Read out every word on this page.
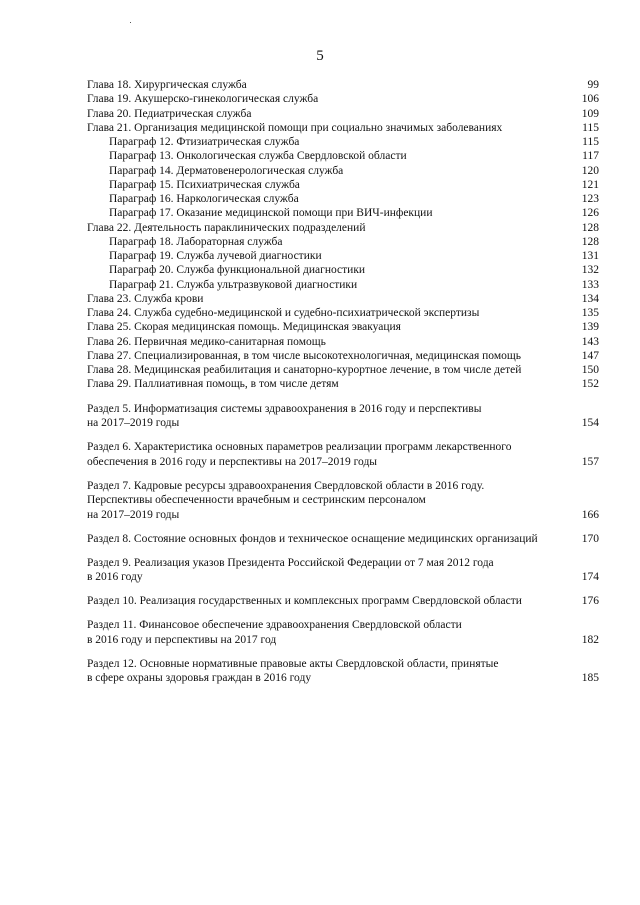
5
Глава 18. Хирургическая служба	99
Глава 19. Акушерско-гинекологическая служба	106
Глава 20. Педиатрическая служба	109
Глава 21. Организация медицинской помощи при социально значимых заболеваниях	115
Параграф 12. Фтизиатрическая служба	115
Параграф 13. Онкологическая служба Свердловской области	117
Параграф 14. Дерматовенерологическая служба	120
Параграф 15. Психиатрическая служба	121
Параграф 16. Наркологическая служба	123
Параграф 17. Оказание медицинской помощи при ВИЧ-инфекции	126
Глава 22. Деятельность параклинических подразделений	128
Параграф 18. Лабораторная служба	128
Параграф 19. Служба лучевой диагностики	131
Параграф 20. Служба функциональной диагностики	132
Параграф 21. Служба ультразвуковой диагностики	133
Глава 23. Служба крови	134
Глава 24. Служба судебно-медицинской и судебно-психиатрической экспертизы	135
Глава 25. Скорая медицинская помощь. Медицинская эвакуация	139
Глава 26. Первичная медико-санитарная помощь	143
Глава 27. Специализированная, в том числе высокотехнологичная, медицинская помощь	147
Глава 28. Медицинская реабилитация и санаторно-курортное лечение, в том числе детей	150
Глава 29. Паллиативная помощь, в том числе детям	152
Раздел 5. Информатизация системы здравоохранения в 2016 году и перспективы
на 2017–2019 годы	154
Раздел 6. Характеристика основных параметров реализации программ лекарственного
обеспечения в 2016 году и перспективы на 2017–2019 годы	157
Раздел 7. Кадровые ресурсы здравоохранения Свердловской области в 2016 году.
Перспективы обеспеченности врачебным и сестринским персоналом
на 2017–2019 годы	166
Раздел 8. Состояние основных фондов и техническое оснащение медицинских организаций	170
Раздел 9. Реализация указов Президента Российской Федерации от 7 мая 2012 года
в 2016 году	174
Раздел 10. Реализация государственных и комплексных программ Свердловской области	176
Раздел 11. Финансовое обеспечение здравоохранения Свердловской области
в 2016 году и перспективы на 2017 год	182
Раздел 12. Основные нормативные правовые акты Свердловской области, принятые
в сфере охраны здоровья граждан в 2016 году	185
